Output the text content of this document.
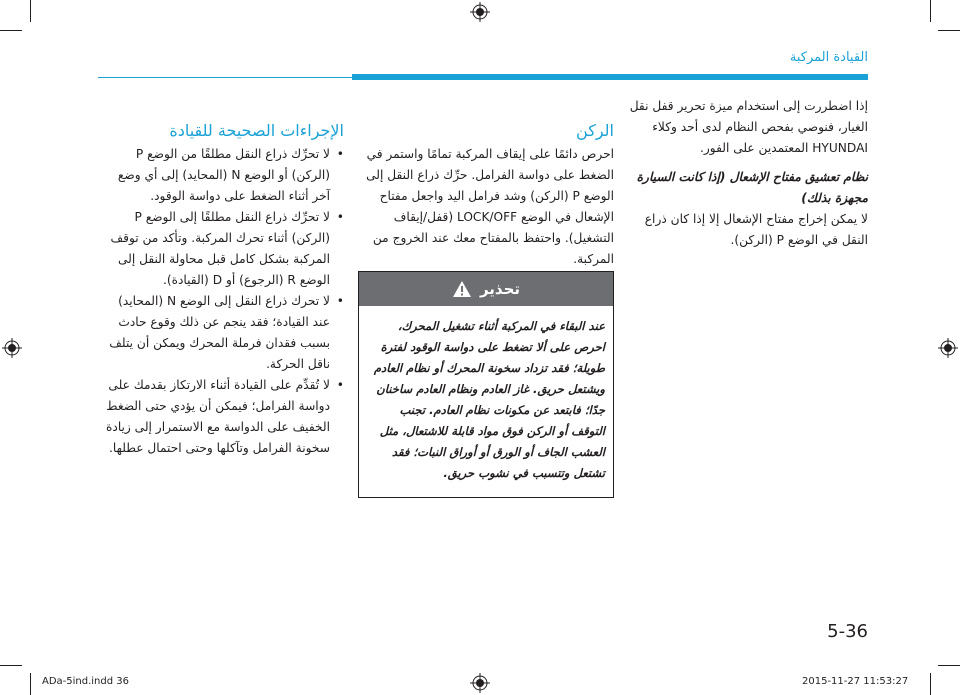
القيادة المركبة

إذا اضطررت إلى استخدام ميزة تحرير قفل نقل الغيار، فنوصي بفحص النظام لدى أحد وكلاء HYUNDAI المعتمدين على الفور.

نظام تعشيق مفتاح الإشعال (إذا كانت السيارة مجهزة بذلك)

لا يمكن إخراج مفتاح الإشعال إلا إذا كان ذراع النقل في الوضع P (الركن).

الركن

احرص دائمًا على إيقاف المركبة تمامًا واستمر في الضغط على دواسة الفرامل. حرِّك ذراع النقل إلى الوضع P (الركن) وشد فرامل اليد واجعل مفتاح الإشعال في الوضع LOCK/OFF (قفل/إيقاف التشغيل). واحتفظ بالمفتاح معك عند الخروج من المركبة.

تحذير
عند البقاء في المركبة أثناء تشغيل المحرك، احرص على ألا تضغط على دواسة الوقود لفترة طويلة؛ فقد تزداد سخونة المحرك أو نظام العادم ويشتعل حريق. غاز العادم ونظام العادم ساخنان جدًا؛ فابتعد عن مكونات نظام العادم. تجنب التوقف أو الركن فوق مواد قابلة للاشتعال، مثل العشب الجاف أو الورق أو أوراق النبات؛ فقد تشتعل وتتسبب في نشوب حريق.
الإجراءات الصحيحة للقيادة
• لا تحرِّك ذراع النقل مطلقًا من الوضع P (الركن) أو الوضع N (المحايد) إلى أي وضع آخر أثناء الضغط على دواسة الوقود.
• لا تحرِّك ذراع النقل مطلقًا إلى الوضع P (الركن) أثناء تحرك المركبة. وتأكد من توقف المركبة بشكل كامل قبل محاولة النقل إلى الوضع R (الرجوع) أو D (القيادة).
• لا تحرك ذراع النقل إلى الوضع N (المحايد) عند القيادة؛ فقد ينجم عن ذلك وقوع حادث بسبب فقدان فرملة المحرك ويمكن أن يتلف ناقل الحركة.
• لا تُقدِّم على القيادة أثناء الارتكاز بقدمك على دواسة الفرامل؛ فيمكن أن يؤدي حتى الضغط الخفيف على الدواسة مع الاستمرار إلى زيادة سخونة الفرامل وتآكلها وحتى احتمال عطلها.
5-36
ADa-5ind.indd 36	2015-11-27 11:53:27
